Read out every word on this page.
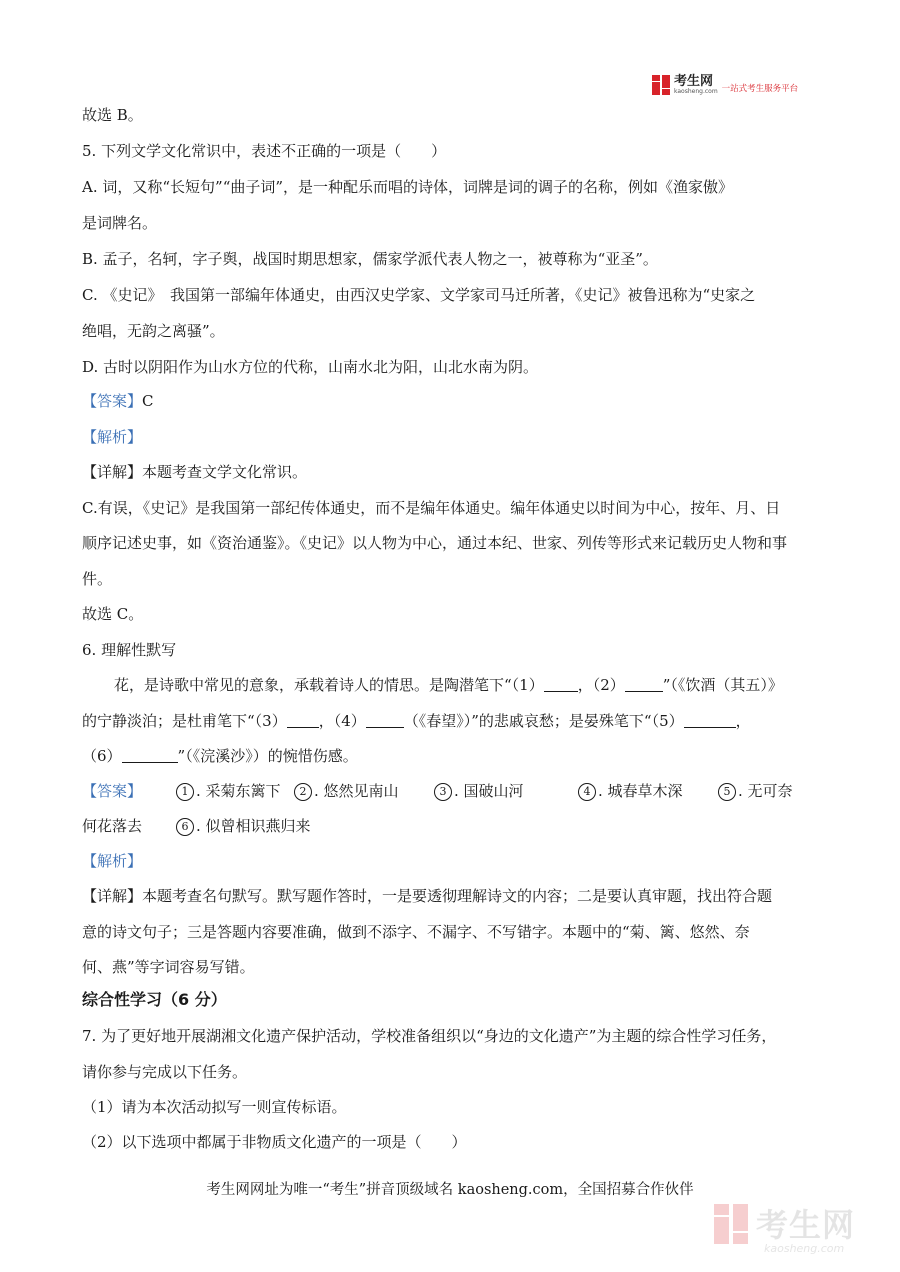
考生网
kaosheng.com 一站式考生服务平台
故选 B。
5. 下列文学文化常识中，表述不正确的一项是（　　）
A. 词，又称“长短句”“曲子词”，是一种配乐而唱的诗体，词牌是词的调子的名称，例如《渔家傲》
是词牌名。
B. 孟子，名轲，字子舆，战国时期思想家，儒家学派代表人物之一，被尊称为“亚圣”。
C. 《史记》　我国第一部编年体通史，由西汉史学家、文学家司马迁所著，《史记》被鲁迅称为“史家之
绝唱，无韵之离骚”。
D. 古时以阴阳作为山水方位的代称，山南水北为阳，山北水南为阴。
【答案】C
【解析】
【详解】本题考查文学文化常识。
C.有误，《史记》是我国第一部纪传体通史，而不是编年体通史。编年体通史以时间为中心，按年、月、日
顺序记述史事，如《资治通鉴》。《史记》以人物为中心，通过本纪、世家、列传等形式来记载历史人物和事
件。
故选 C。
6. 理解性默写
花，是诗歌中常见的意象，承载着诗人的情思。是陶潜笔下“（1） ，（2）	”（《饮酒（其五）》
的宁静淡泊；是杜甫笔下“（3） ，（4）	（《春望》）”的悲戚哀愁；是晏殊笔下“（5）	，
（6）	”（《浣溪沙》）的惋惜伤感。
【答案】	1 . 采菊东篱下 2 . 悠然见南山	3 . 国破山河	4 . 城春草木深	5 . 无可奈
何花落去	6 . 似曾相识燕归来
【解析】
【详解】本题考查名句默写。默写题作答时，一是要透彻理解诗文的内容；二是要认真审题，找出符合题
意的诗文句子；三是答题内容要准确，做到不添字、不漏字、不写错字。本题中的“菊、篱、悠然、奈
何、燕”等字词容易写错。
综合性学习（6 分）
7. 为了更好地开展湖湘文化遗产保护活动，学校准备组织以“身边的文化遗产”为主题的综合性学习任务，
请你参与完成以下任务。
（1）请为本次活动拟写一则宣传标语。
（2）以下选项中都属于非物质文化遗产的一项是（　　）
考生网网址为唯一“考生”拼音顶级域名 kaosheng.com，全国招募合作伙伴
考生网
kaosheng.com
